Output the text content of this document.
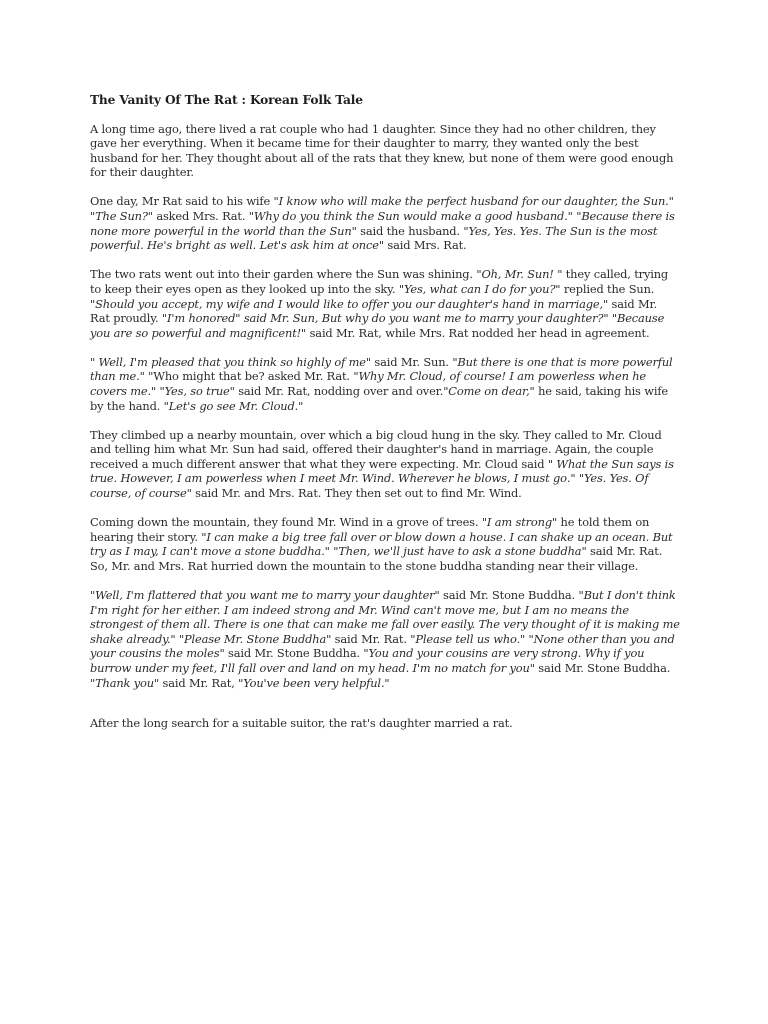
The Vanity Of The Rat : Korean Folk Tale
A long time ago, there lived a rat couple who had 1 daughter. Since they had no other children, they gave her everything. When it became time for their daughter to marry, they wanted only the best husband for her. They thought about all of the rats that they knew, but none of them were good enough for their daughter.
One day, Mr Rat said to his wife "I know who will make the perfect husband for our daughter, the Sun." "The Sun?" asked Mrs. Rat. "Why do you think the Sun would make a good husband." "Because there is none more powerful in the world than the Sun" said the husband. "Yes, Yes. Yes. The Sun is the most powerful. He's bright as well. Let's ask him at once" said Mrs. Rat.
The two rats went out into their garden where the Sun was shining. "Oh, Mr. Sun! " they called, trying to keep their eyes open as they looked up into the sky. "Yes, what can I do for you?" replied the Sun. "Should you accept, my wife and I would like to offer you our daughter's hand in marriage," said Mr. Rat proudly. "I'm honored" said Mr. Sun, But why do you want me to marry your daughter?" "Because you are so powerful and magnificent!" said Mr. Rat, while Mrs. Rat nodded her head in agreement.
" Well, I'm pleased that you think so highly of me" said Mr. Sun. "But there is one that is more powerful than me." "Who might that be? asked Mr. Rat. "Why Mr. Cloud, of course! I am powerless when he covers me." "Yes, so true" said Mr. Rat, nodding over and over."Come on dear," he said, taking his wife by the hand. "Let's go see Mr. Cloud."
They climbed up a nearby mountain, over which a big cloud hung in the sky. They called to Mr. Cloud and telling him what Mr. Sun had said, offered their daughter's hand in marriage. Again, the couple received a much different answer that what they were expecting. Mr. Cloud said " What the Sun says is true. However, I am powerless when I meet Mr. Wind. Wherever he blows, I must go." "Yes. Yes. Of course, of course" said Mr. and Mrs. Rat. They then set out to find Mr. Wind.
Coming down the mountain, they found Mr. Wind in a grove of trees. "I am strong" he told them on hearing their story. "I can make a big tree fall over or blow down a house. I can shake up an ocean. But try as I may, I can't move a stone buddha." "Then, we'll just have to ask a stone buddha" said Mr. Rat. So, Mr. and Mrs. Rat hurried down the mountain to the stone buddha standing near their village.
"Well, I'm flattered that you want me to marry your daughter" said Mr. Stone Buddha. "But I don't think I'm right for her either. I am indeed strong and Mr. Wind can't move me, but I am no means the strongest of them all. There is one that can make me fall over easily. The very thought of it is making me shake already." "Please Mr. Stone Buddha" said Mr. Rat. "Please tell us who." "None other than you and your cousins the moles" said Mr. Stone Buddha. "You and your cousins are very strong. Why if you burrow under my feet, I'll fall over and land on my head. I'm no match for you" said Mr. Stone Buddha. "Thank you" said Mr. Rat, "You've been very helpful."
After the long search for a suitable suitor, the rat's daughter married a rat.
